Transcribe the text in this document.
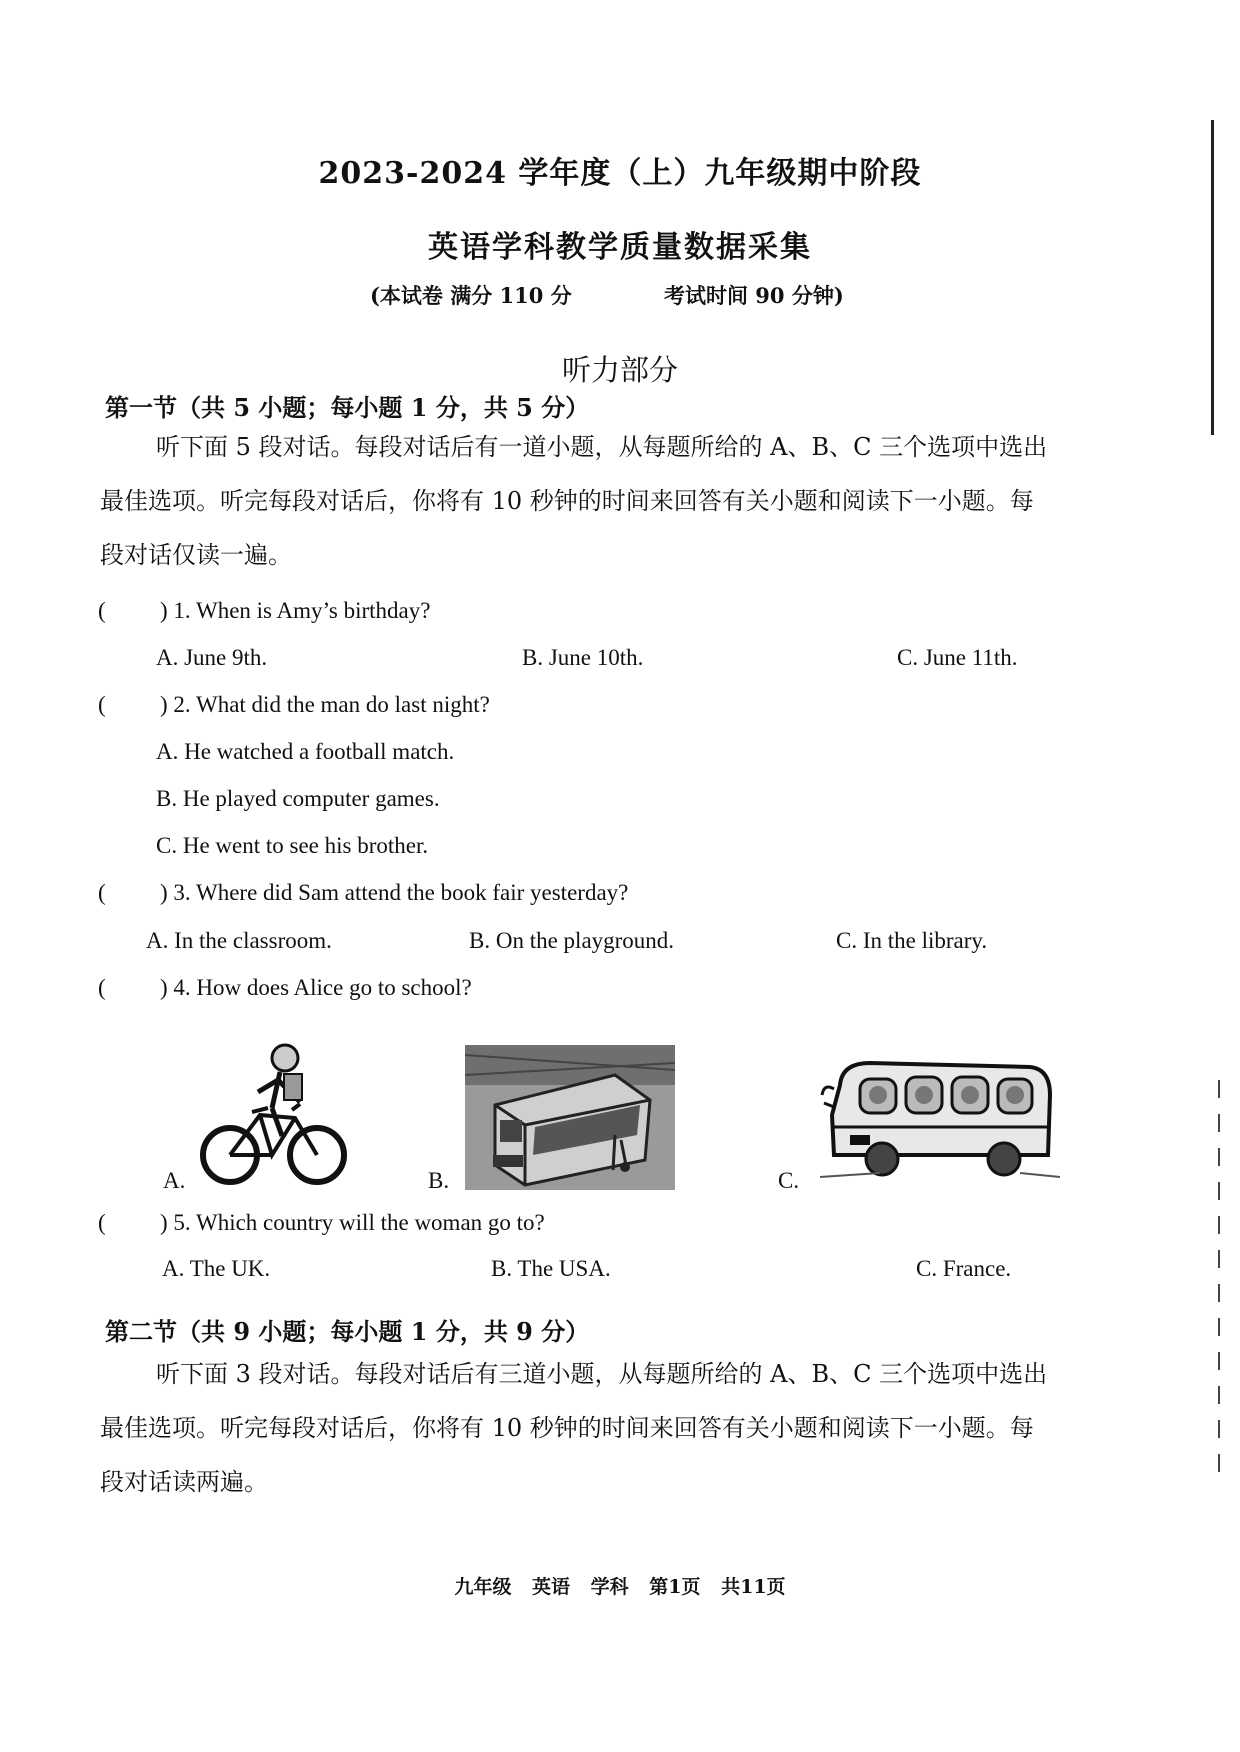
2023-2024 学年度（上）九年级期中阶段
英语学科教学质量数据采集
(本试卷 满分 110 分	考试时间 90 分钟)
听力部分
第一节（共 5 小题；每小题 1 分，共 5 分）
听下面 5 段对话。每段对话后有一道小题，从每题所给的 A、B、C 三个选项中选出
最佳选项。听完每段对话后，你将有 10 秒钟的时间来回答有关小题和阅读下一小题。每
段对话仅读一遍。
( ) 1. When is Amy’s birthday?
A. June 9th.	B. June 10th.	C. June 11th.
( ) 2. What did the man do last night?
A. He watched a football match.
B. He played computer games.
C. He went to see his brother.
( ) 3. Where did Sam attend the book fair yesterday?
A. In the classroom.	B. On the playground.	C. In the library.
( ) 4. How does Alice go to school?
A.	B.	C.
( ) 5. Which country will the woman go to?
A. The UK.	B. The USA.	C. France.
第二节（共 9 小题；每小题 1 分，共 9 分）
听下面 3 段对话。每段对话后有三道小题，从每题所给的 A、B、C 三个选项中选出
最佳选项。听完每段对话后，你将有 10 秒钟的时间来回答有关小题和阅读下一小题。每
段对话读两遍。
九年级 英语 学科 第1页 共11页
